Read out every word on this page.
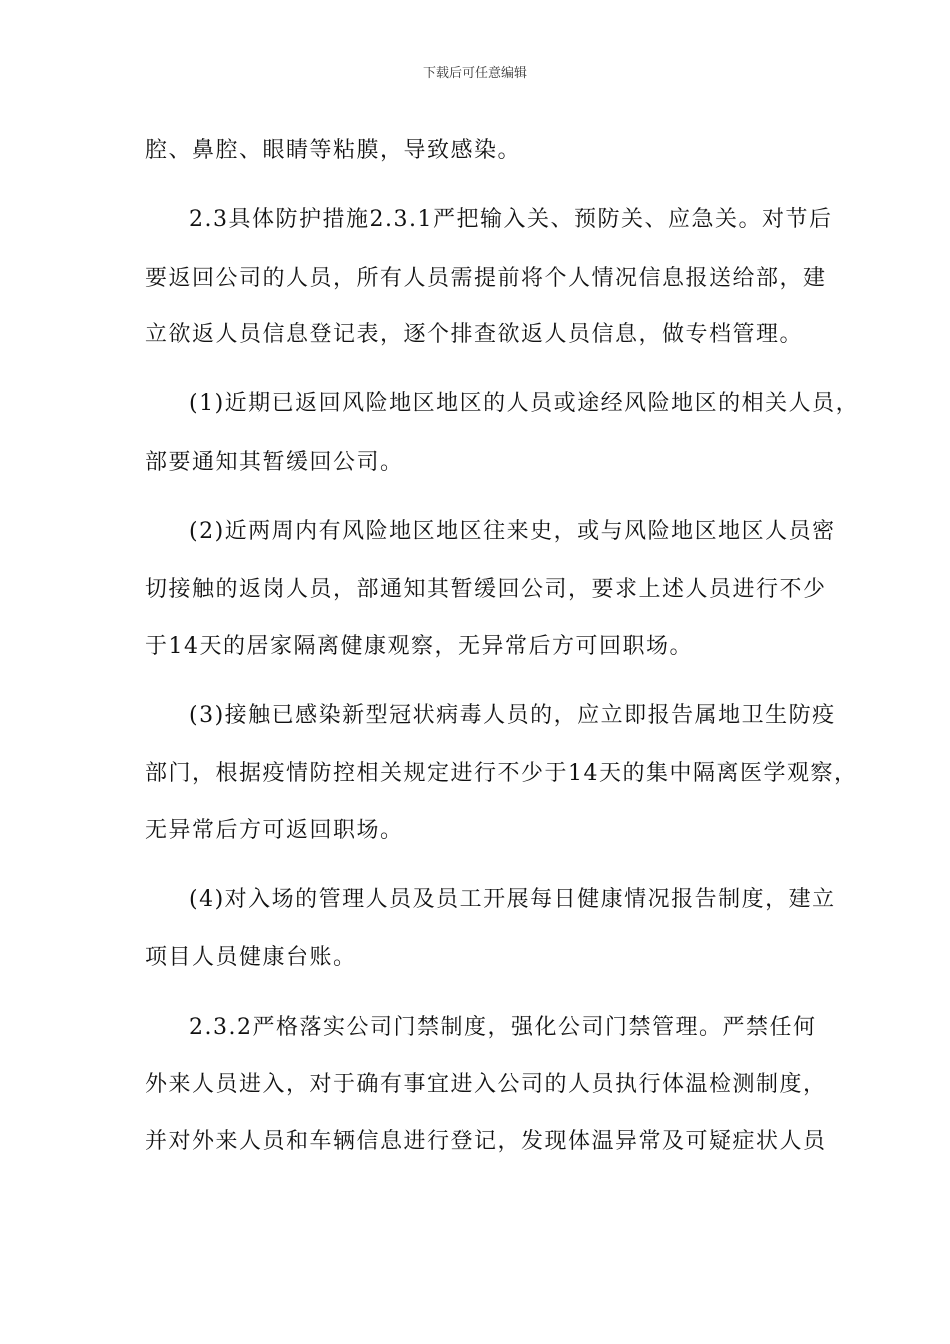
下载后可任意编辑
腔、鼻腔、眼睛等粘膜，导致感染。
2.3具体防护措施2.3.1严把输入关、预防关、应急关。对节后
要返回公司的人员，所有人员需提前将个人情况信息报送给部，建
立欲返人员信息登记表，逐个排查欲返人员信息，做专档管理。
(1)近期已返回风险地区地区的人员或途经风险地区的相关人员，
部要通知其暂缓回公司。
(2)近两周内有风险地区地区往来史，或与风险地区地区人员密
切接触的返岗人员，部通知其暂缓回公司，要求上述人员进行不少
于14天的居家隔离健康观察，无异常后方可回职场。
(3)接触已感染新型冠状病毒人员的，应立即报告属地卫生防疫
部门，根据疫情防控相关规定进行不少于14天的集中隔离医学观察，
无异常后方可返回职场。
(4)对入场的管理人员及员工开展每日健康情况报告制度，建立
项目人员健康台账。
2.3.2严格落实公司门禁制度，强化公司门禁管理。严禁任何
外来人员进入，对于确有事宜进入公司的人员执行体温检测制度，
并对外来人员和车辆信息进行登记，发现体温异常及可疑症状人员
